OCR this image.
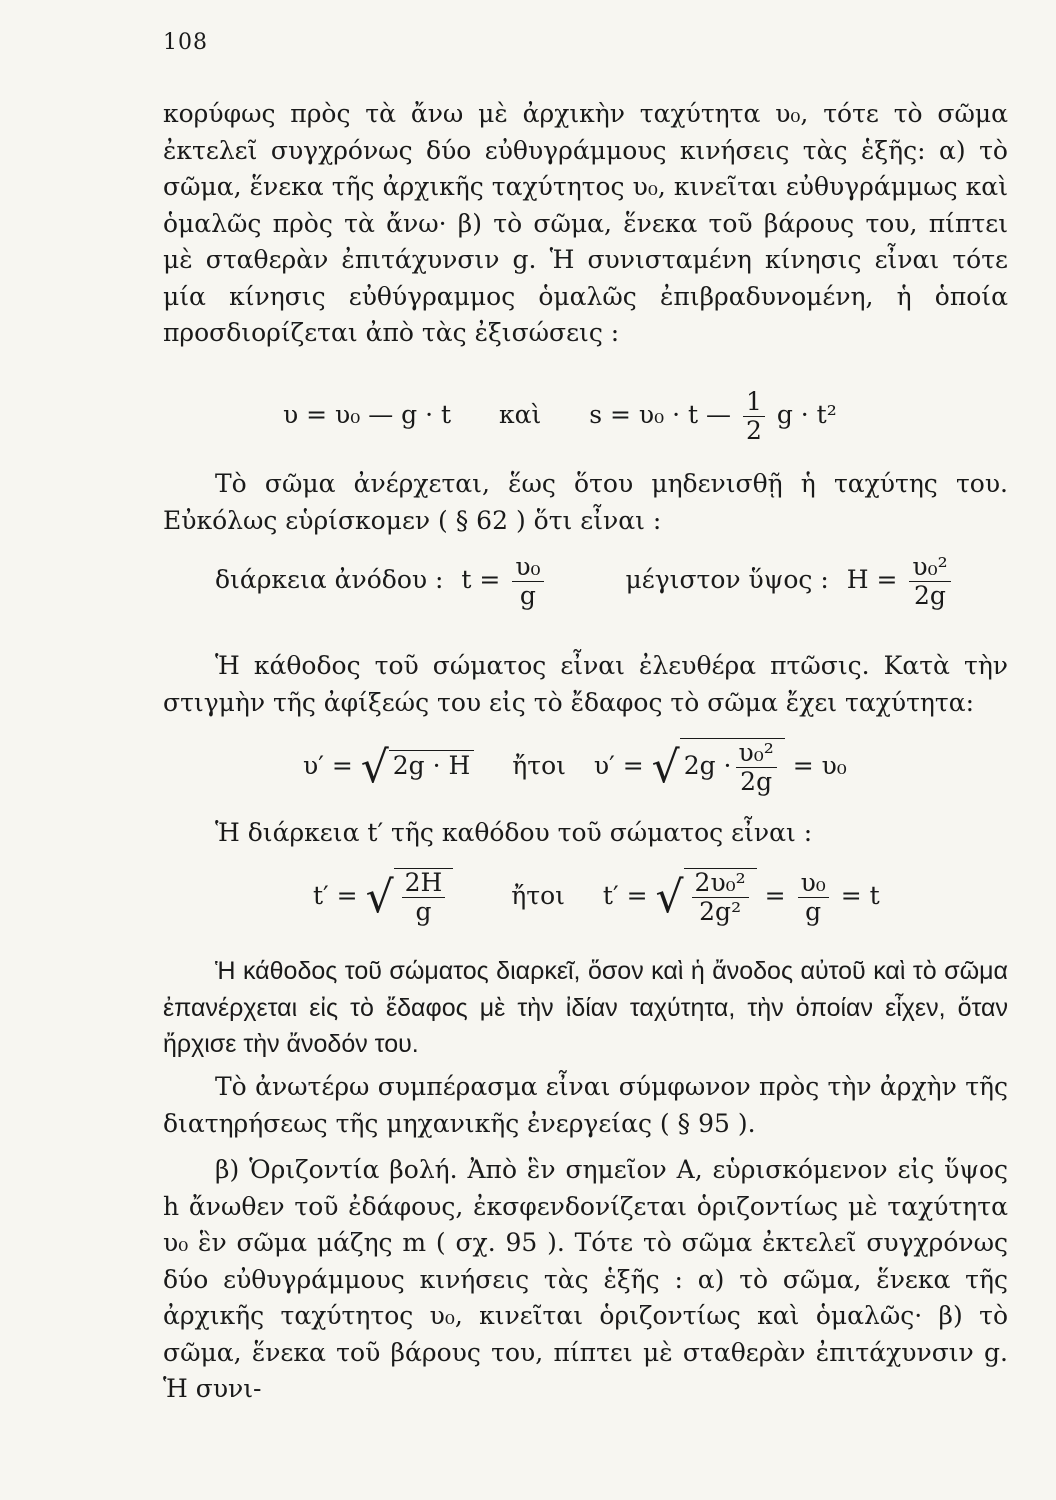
108

κορύφως πρὸς τὰ ἄνω μὲ ἀρχικὴν ταχύτητα υ₀, τότε τὸ σῶμα ἐκτελεῖ συγχρόνως δύο εὐθυγράμμους κινήσεις τὰς ἑξῆς: α) τὸ σῶμα, ἕνεκα τῆς ἀρχικῆς ταχύτητος υ₀, κινεῖται εὐθυγράμμως καὶ ὁμαλῶς πρὸς τὰ ἄνω· β) τὸ σῶμα, ἕνεκα τοῦ βάρους του, πίπτει μὲ σταθερὰν ἐπιτάχυνσιν g. Ἡ συνισταμένη κίνησις εἶναι τότε μία κίνησις εὐθύγραμμος ὁμαλῶς ἐπιβραδυνομένη, ἡ ὁποία προσδιορίζεται ἀπὸ τὰς ἐξισώσεις :

υ = υ₀ — g · t καὶ s = υ₀ · t — $\frac{1}{2}$ g · t²

Τὸ σῶμα ἀνέρχεται, ἕως ὅτου μηδενισθῇ ἡ ταχύτης του. Εὐκόλως εὑρίσκομεν ( § 62 ) ὅτι εἶναι :

διάρκεια ἀνόδου : $t = \frac{\text{υ₀}}{g}$	μέγιστον ὕψος : $H = \frac{\text{υ₀²}}{2g}$

Ἡ κάθοδος τοῦ σώματος εἶναι ἐλευθέρα πτῶσις. Κατὰ τὴν στιγμὴν τῆς ἀφίξεώς του εἰς τὸ ἔδαφος τὸ σῶμα ἔχει ταχύτητα:

υ′ = √ 2g · H ἤτοι υ′ = √ $2g \cdot \frac{\text{υ₀²}}{2g} = \upsilon_0$

Ἡ διάρκεια t′ τῆς καθόδου τοῦ σώματος εἶναι :

t′ = √ $\frac{2H}{g}$	ἤτοι t′ = √ $\frac{\text{2υ₀²}}{\text{2g²}} = \frac{\text{υ₀}}{g} = t$

Ἡ κάθοδος τοῦ σώματος διαρκεῖ, ὅσον καὶ ἡ ἄνοδος αὐτοῦ καὶ τὸ σῶμα ἐπανέρχεται εἰς τὸ ἔδαφος μὲ τὴν ἰδίαν ταχύτητα, τὴν ὁποίαν εἶχεν, ὅταν ἤρχισε τὴν ἄνοδόν του.

Τὸ ἀνωτέρω συμπέρασμα εἶναι σύμφωνον πρὸς τὴν ἀρχὴν τῆς διατηρήσεως τῆς μηχανικῆς ἐνεργείας ( § 95 ).

β) Ὁριζοντία βολή. Ἀπὸ ἓν σημεῖον Α, εὑρισκόμενον εἰς ὕψος h ἄνωθεν τοῦ ἐδάφους, ἐκσφενδονίζεται ὁριζοντίως μὲ ταχύτητα υ₀ ἓν σῶμα μάζης m ( σχ. 95 ). Τότε τὸ σῶμα ἐκτελεῖ συγχρόνως δύο εὐθυγράμμους κινήσεις τὰς ἑξῆς : α) τὸ σῶμα, ἕνεκα τῆς ἀρχικῆς ταχύτητος υ₀, κινεῖται ὁριζοντίως καὶ ὁμαλῶς· β) τὸ σῶμα, ἕνεκα τοῦ βάρους του, πίπτει μὲ σταθερὰν ἐπιτάχυνσιν g. Ἡ συνι-
